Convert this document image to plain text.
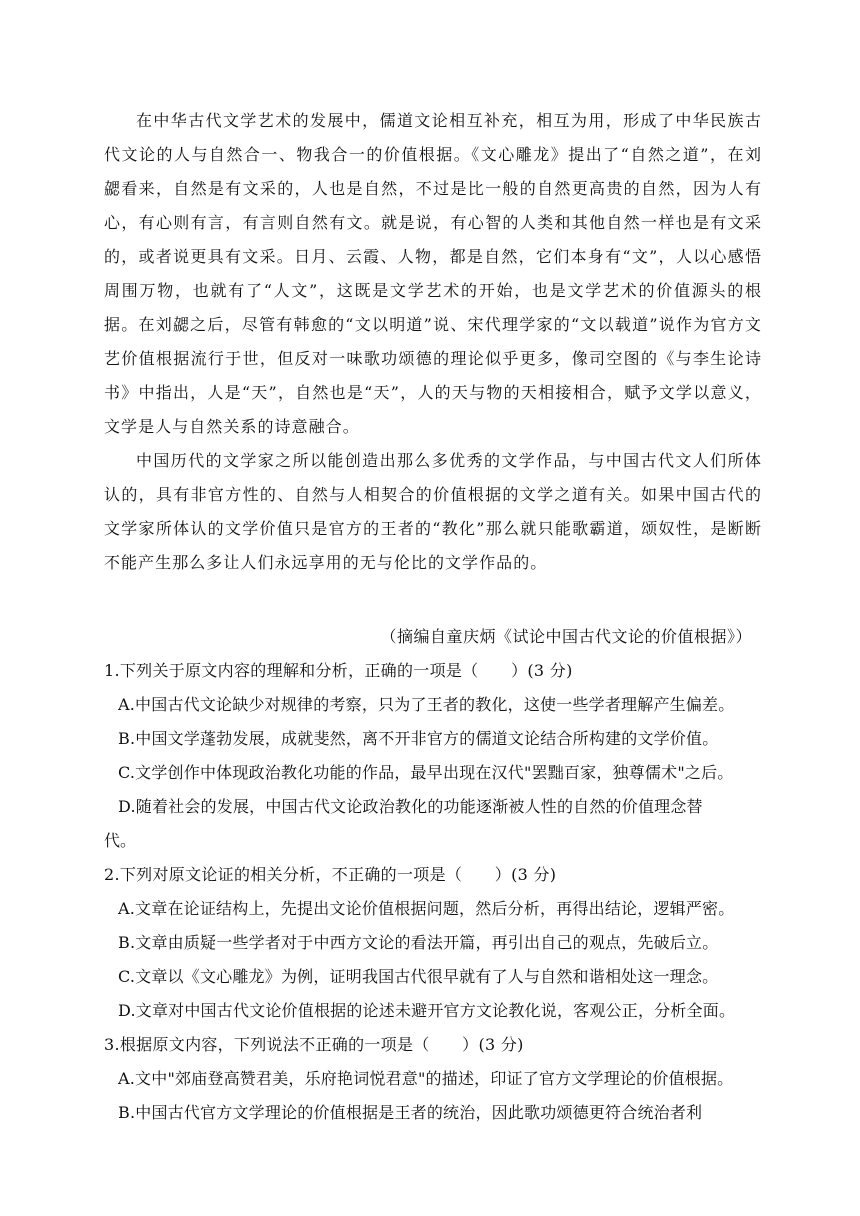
在中华古代文学艺术的发展中，儒道文论相互补充，相互为用，形成了中华民族古代文论的人与自然合一、物我合一的价值根据。《文心雕龙》提出了“自然之道”，在刘勰看来，自然是有文采的，人也是自然，不过是比一般的自然更高贵的自然，因为人有心，有心则有言，有言则自然有文。就是说，有心智的人类和其他自然一样也是有文采的，或者说更具有文采。日月、云霞、人物，都是自然，它们本身有“文”，人以心感悟周围万物，也就有了“人文”，这既是文学艺术的开始，也是文学艺术的价值源头的根据。在刘勰之后，尽管有韩愈的“文以明道”说、宋代理学家的“文以载道”说作为官方文艺价值根据流行于世，但反对一味歌功颂德的理论似乎更多，像司空图的《与李生论诗书》中指出，人是“天”，自然也是“天”，人的天与物的天相接相合，赋予文学以意义，文学是人与自然关系的诗意融合。

中国历代的文学家之所以能创造出那么多优秀的文学作品，与中国古代文人们所体认的，具有非官方性的、自然与人相契合的价值根据的文学之道有关。如果中国古代的文学家所体认的文学价值只是官方的王者的“教化”那么就只能歌霸道，颂奴性，是断断不能产生那么多让人们永远享用的无与伦比的文学作品的。

（摘编自童庆炳《试论中国古代文论的价值根据》）

1.下列关于原文内容的理解和分析，正确的一项是（　　）(3 分)

A.中国古代文论缺少对规律的考察，只为了王者的教化，这使一些学者理解产生偏差。

B.中国文学蓬勃发展，成就斐然，离不开非官方的儒道文论结合所构建的文学价值。

C.文学创作中体现政治教化功能的作品，最早出现在汉代"罢黜百家，独尊儒术"之后。

D.随着社会的发展，中国古代文论政治教化的功能逐渐被人性的自然的价值理念替

代。

2.下列对原文论证的相关分析，不正确的一项是（　　）(3 分)

A.文章在论证结构上，先提出文论价值根据问题，然后分析，再得出结论，逻辑严密。

B.文章由质疑一些学者对于中西方文论的看法开篇，再引出自己的观点，先破后立。

C.文章以《文心雕龙》为例，证明我国古代很早就有了人与自然和谐相处这一理念。

D.文章对中国古代文论价值根据的论述未避开官方文论教化说，客观公正，分析全面。

3.根据原文内容，下列说法不正确的一项是（　　）(3 分)

A.文中"郊庙登高赞君美，乐府艳词悦君意"的描述，印证了官方文学理论的价值根据。

B.中国古代官方文学理论的价值根据是王者的统治，因此歌功颂德更符合统治者利
